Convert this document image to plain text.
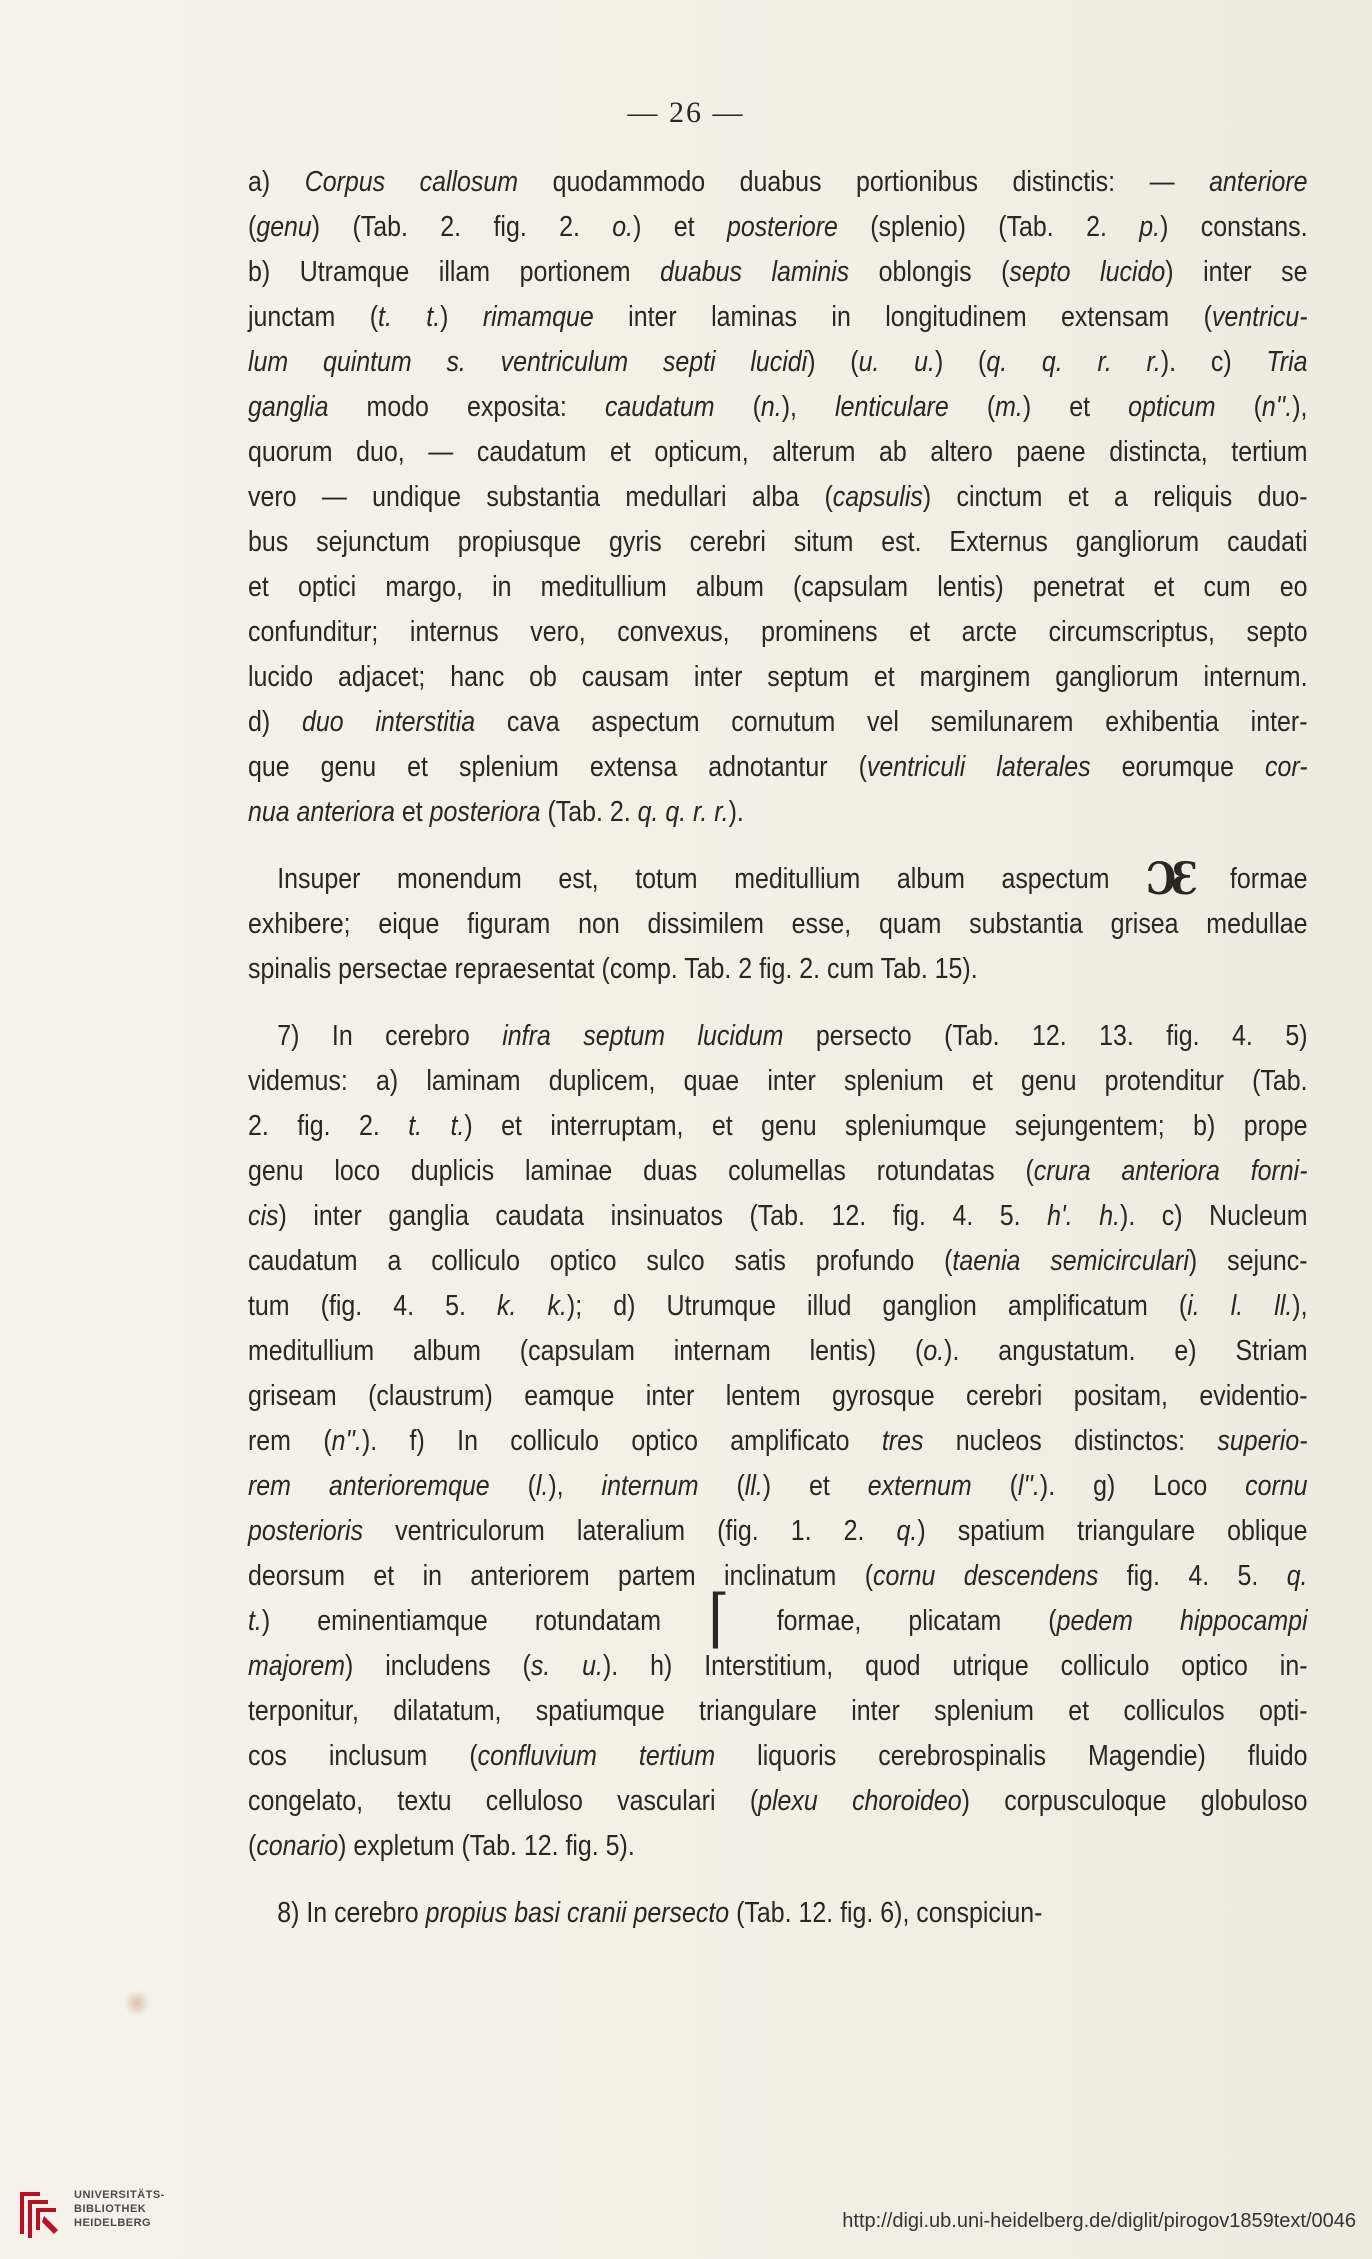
— 26 —
a) Corpus callosum quodammodo duabus portionibus distinctis: — anteriore
(genu) (Tab. 2. fig. 2. o.) et posteriore (splenio) (Tab. 2. p.) constans.
b) Utramque illam portionem duabus laminis oblongis (septo lucido) inter se
junctam (t. t.) rimamque inter laminas in longitudinem extensam (ventricu-
lum quintum s. ventriculum septi lucidi) (u. u.) (q. q. r. r.). c) Tria
ganglia modo exposita: caudatum (n.), lenticulare (m.) et opticum (n''.),
quorum duo, — caudatum et opticum, alterum ab altero paene distincta, tertium
vero — undique substantia medullari alba (capsulis) cinctum et a reliquis duo-
bus sejunctum propiusque gyris cerebri situm est. Externus gangliorum caudati
et optici margo, in meditullium album (capsulam lentis) penetrat et cum eo
confunditur; internus vero, convexus, prominens et arcte circumscriptus, septo
lucido adjacet; hanc ob causam inter septum et marginem gangliorum internum.
d) duo interstitia cava aspectum cornutum vel semilunarem exhibentia inter-
que genu et splenium extensa adnotantur (ventriculi laterales eorumque cor-
nua anteriora et posteriora (Tab. 2. q. q. r. r.).
Insuper monendum est, totum meditullium album aspectum ƆƐ formae
exhibere; eique figuram non dissimilem esse, quam substantia grisea medullae
spinalis persectae repraesentat (comp. Tab. 2 fig. 2. cum Tab. 15).
7) In cerebro infra septum lucidum persecto (Tab. 12. 13. fig. 4. 5)
videmus: a) laminam duplicem, quae inter splenium et genu protenditur (Tab.
2. fig. 2. t. t.) et interruptam, et genu spleniumque sejungentem; b) prope
genu loco duplicis laminae duas columellas rotundatas (crura anteriora forni-
cis) inter ganglia caudata insinuatos (Tab. 12. fig. 4. 5. h'. h.). c) Nucleum
caudatum a colliculo optico sulco satis profundo (taenia semicirculari) sejunc-
tum (fig. 4. 5. k. k.); d) Utrumque illud ganglion amplificatum (i. l. ll.),
meditullium album (capsulam internam lentis) (o.). angustatum. e) Striam
griseam (claustrum) eamque inter lentem gyrosque cerebri positam, evidentio-
rem (n''.). f) In colliculo optico amplificato tres nucleos distinctos: superio-
rem anterioremque (l.), internum (ll.) et externum (l''.). g) Loco cornu
posterioris ventriculorum lateralium (fig. 1. 2. q.) spatium triangulare oblique
deorsum et in anteriorem partem inclinatum (cornu descendens fig. 4. 5. q.
t.) eminentiamque rotundatam ⌈ formae, plicatam (pedem hippocampi
majorem) includens (s. u.). h) Interstitium, quod utrique colliculo optico in-
terponitur, dilatatum, spatiumque triangulare inter splenium et colliculos opti-
cos inclusum (confluvium tertium liquoris cerebrospinalis Magendie) fluido
congelato, textu celluloso vasculari (plexu choroideo) corpusculoque globuloso
(conario) expletum (Tab. 12. fig. 5).
8) In cerebro propius basi cranii persecto (Tab. 12. fig. 6), conspiciun-
UNIVERSITÄTS-
BIBLIOTHEK
HEIDELBERG	http://digi.ub.uni-heidelberg.de/diglit/pirogov1859text/0046
